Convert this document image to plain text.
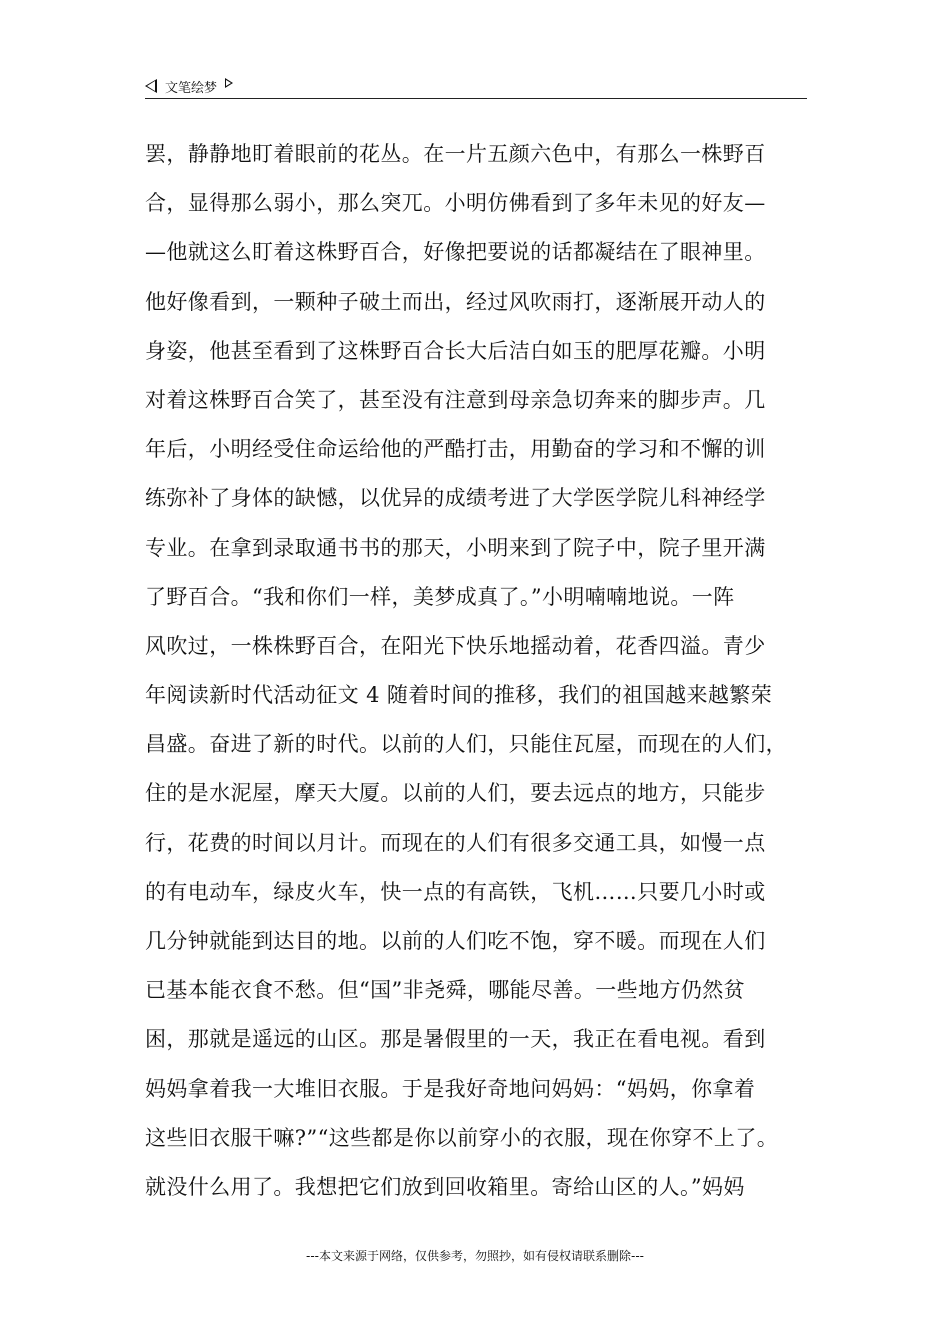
文笔绘梦
罢，静静地盯着眼前的花丛。在一片五颜六色中，有那么一株野百
合，显得那么弱小，那么突兀。小明仿佛看到了多年未见的好友—
—他就这么盯着这株野百合，好像把要说的话都凝结在了眼神里。
他好像看到，一颗种子破土而出，经过风吹雨打，逐渐展开动人的
身姿，他甚至看到了这株野百合长大后洁白如玉的肥厚花瓣。小明
对着这株野百合笑了，甚至没有注意到母亲急切奔来的脚步声。几
年后，小明经受住命运给他的严酷打击，用勤奋的学习和不懈的训
练弥补了身体的缺憾，以优异的成绩考进了大学医学院儿科神经学
专业。在拿到录取通书书的那天，小明来到了院子中，院子里开满
了野百合。“我和你们一样，美梦成真了。”小明喃喃地说。一阵
风吹过，一株株野百合，在阳光下快乐地摇动着，花香四溢。青少
年阅读新时代活动征文 4 随着时间的推移，我们的祖国越来越繁荣
昌盛。奋进了新的时代。以前的人们，只能住瓦屋，而现在的人们，
住的是水泥屋，摩天大厦。以前的人们，要去远点的地方，只能步
行，花费的时间以月计。而现在的人们有很多交通工具，如慢一点
的有电动车，绿皮火车，快一点的有高铁，飞机……只要几小时或
几分钟就能到达目的地。以前的人们吃不饱，穿不暖。而现在人们
已基本能衣食不愁。但“国”非尧舜，哪能尽善。一些地方仍然贫
困，那就是遥远的山区。那是暑假里的一天，我正在看电视。看到
妈妈拿着我一大堆旧衣服。于是我好奇地问妈妈：“妈妈，你拿着
这些旧衣服干嘛?”“这些都是你以前穿小的衣服，现在你穿不上了。
就没什么用了。我想把它们放到回收箱里。寄给山区的人。”妈妈
---本文来源于网络，仅供参考，勿照抄，如有侵权请联系删除---
